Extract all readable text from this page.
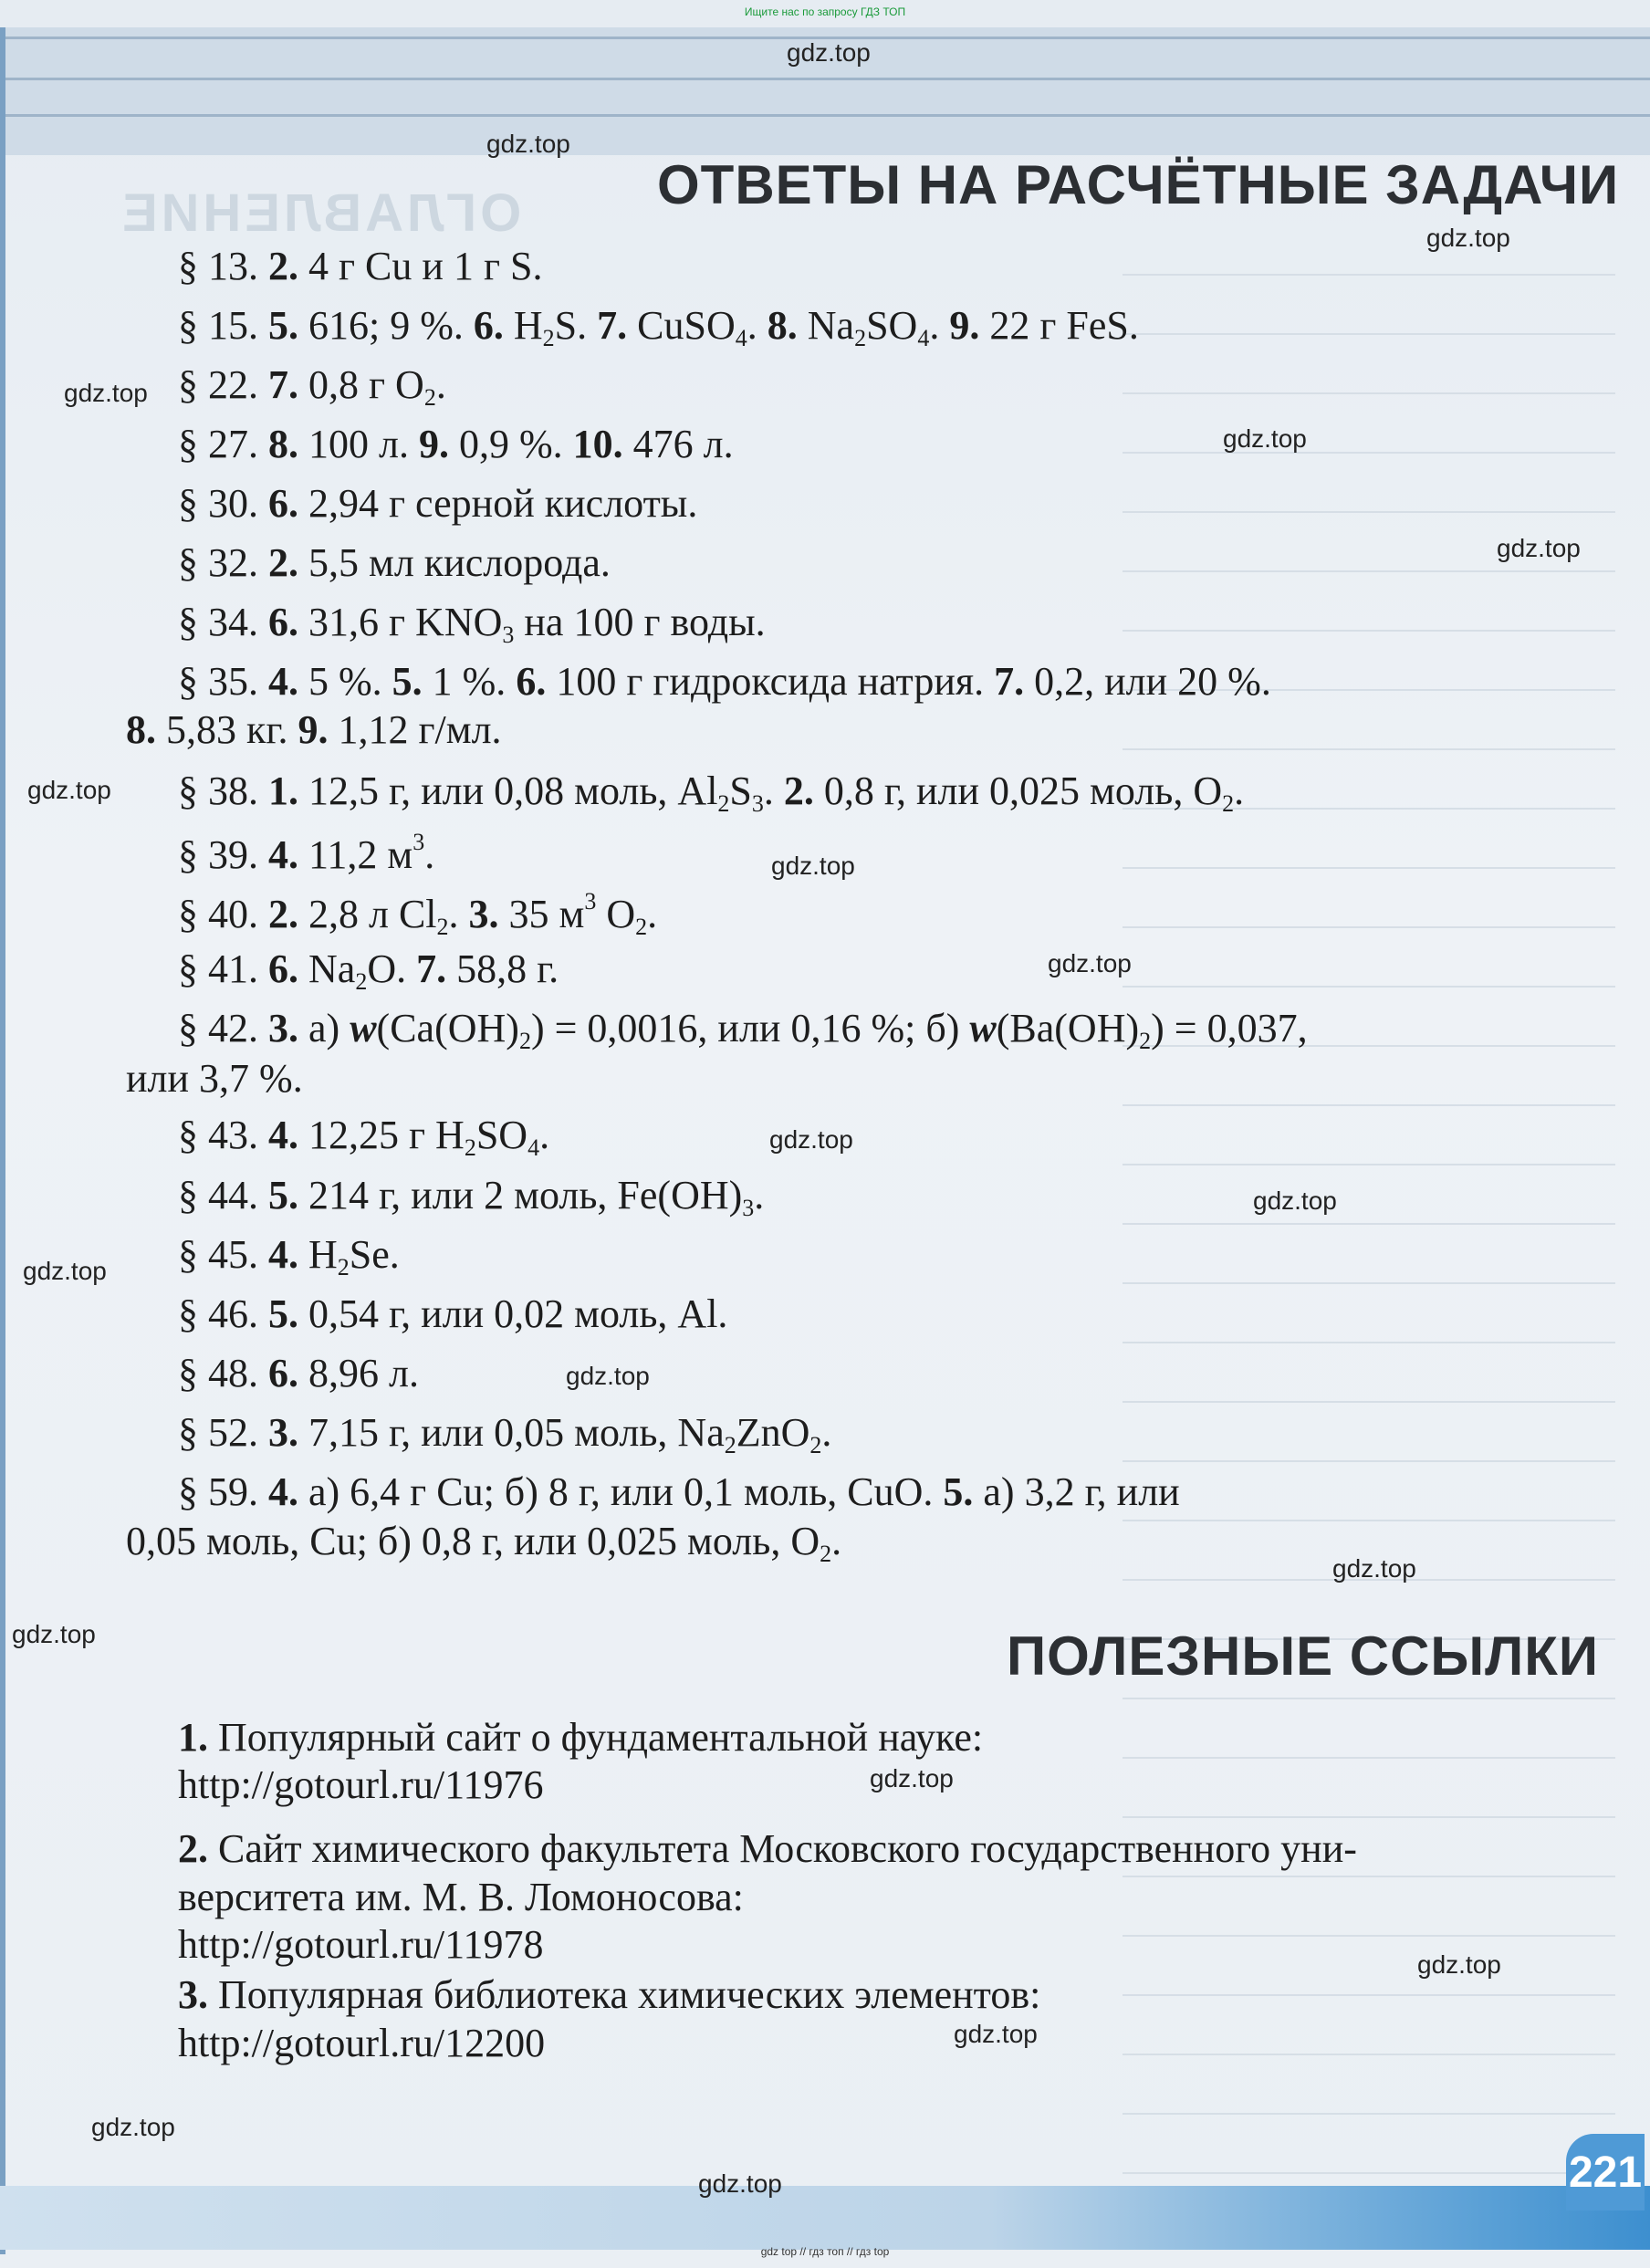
ОГЛАВЛЕНИЕ
221
Ищите нас по запросу ГДЗ ТОП
gdz top // гдз топ // гдз top
ОТВЕТЫ НА РАСЧЁТНЫЕ ЗАДАЧИ
§ 13. 2. 4 г Cu и 1 г S.
§ 15. 5. 616; 9 %. 6. $H_2S$. 7. CuSO$_4$. 8. $Na_2SO_4$. 9. 22 г FeS.
§ 22. 7. 0,8 г $O_2$.
§ 27. 8. 100 л. 9. 0,9 %. 10. 476 л.
§ 30. 6. 2,94 г серной кислоты.
§ 32. 2. 5,5 мл кислорода.
§ 34. 6. 31,6 г $KNO_3$ на 100 г воды.
§ 35. 4. 5 %. 5. 1 %. 6. 100 г гидроксида натрия. 7. 0,2, или 20 %.
8. 5,83 кг. 9. 1,12 г/мл.
§ 38. 1. 12,5 г, или 0,08 моль, $Al_2S_3$. 2. 0,8 г, или 0,025 моль, $O_2$.
§ 39. 4. 11,2 $м^3$.
§ 40. 2. 2,8 л $Cl_2$. 3. 35 $м^3$ $O_2$.
§ 41. 6. $Na_2O$. 7. 58,8 г.
§ 42. 3. а) $w(Ca(OH)_2) = 0,0016$, или 0,16 %; б) $w(Ba(OH)_2) = 0,037$,
или 3,7 %.
§ 43. 4. 12,25 г $H_2SO_4$.
§ 44. 5. 214 г, или 2 моль, $Fe(OH)_3$.
§ 45. 4. $H_2Se$.
§ 46. 5. 0,54 г, или 0,02 моль, Al.
§ 48. 6. 8,96 л.
§ 52. 3. 7,15 г, или 0,05 моль, $Na_2ZnO_2$.
§ 59. 4. а) 6,4 г Cu; б) 8 г, или 0,1 моль, CuO. 5. а) 3,2 г, или
0,05 моль, Cu; б) 0,8 г, или 0,025 моль, $O_2$.
ПОЛЕЗНЫЕ ССЫЛКИ
1. Популярный сайт о фундаментальной науке:
http://gotourl.ru/11976
2. Сайт химического факультета Московского государственного уни-
верситета им. М. В. Ломоносова:
http://gotourl.ru/11978
3. Популярная библиотека химических элементов:
http://gotourl.ru/12200
gdz.top
gdz.top
gdz.top
gdz.top
gdz.top
gdz.top
gdz.top
gdz.top
gdz.top
gdz.top
gdz.top
gdz.top
gdz.top
gdz.top
gdz.top
gdz.top
gdz.top
gdz.top
gdz.top
gdz.top
